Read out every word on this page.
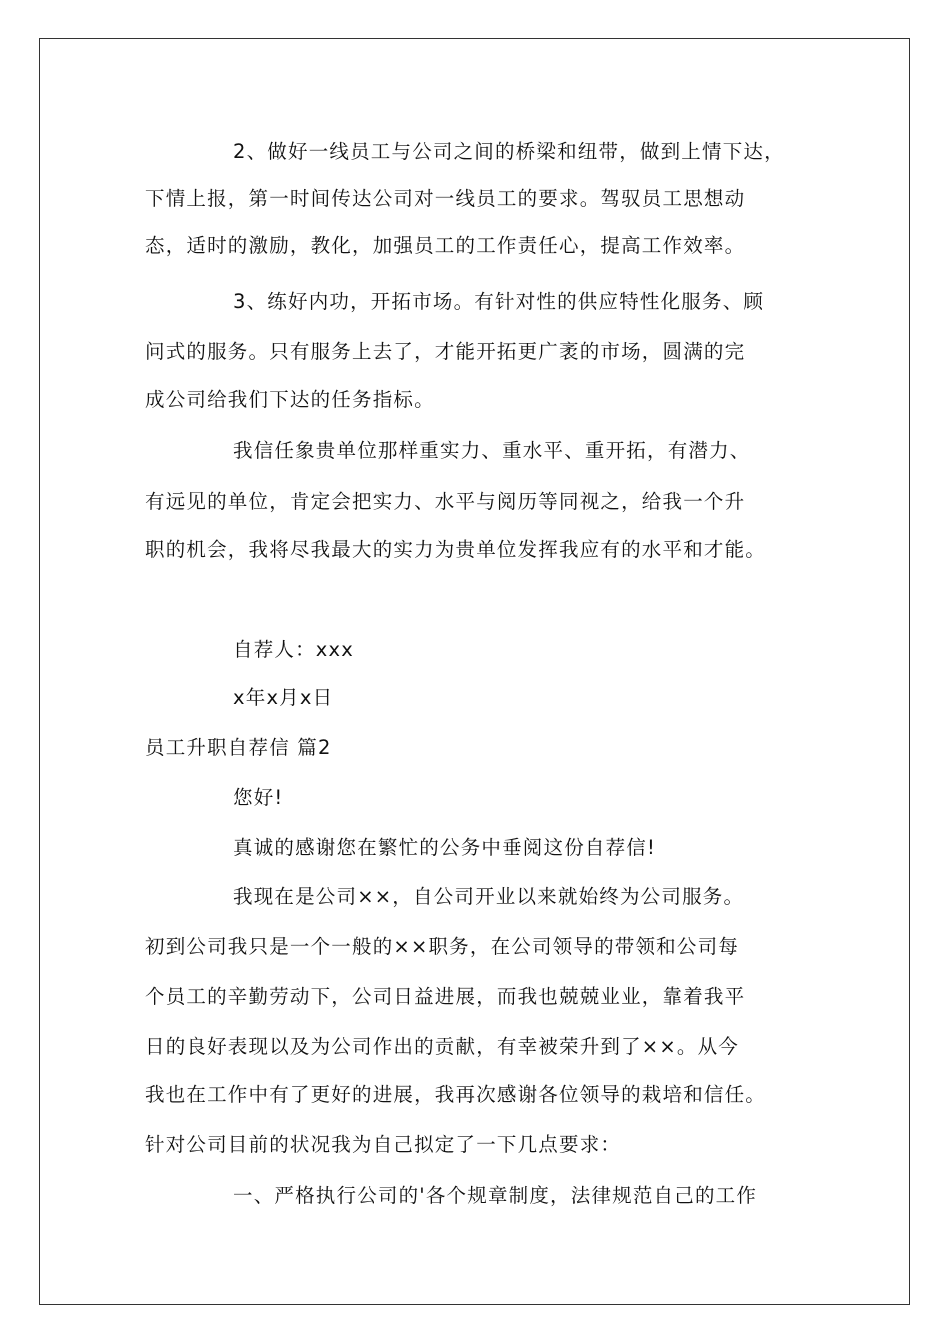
2、做好一线员工与公司之间的桥梁和纽带，做到上情下达，
下情上报，第一时间传达公司对一线员工的要求。驾驭员工思想动
态，适时的激励，教化，加强员工的工作责任心，提高工作效率。
3、练好内功，开拓市场。有针对性的供应特性化服务、顾
问式的服务。只有服务上去了，才能开拓更广袤的市场，圆满的完
成公司给我们下达的任务指标。
我信任象贵单位那样重实力、重水平、重开拓，有潜力、
有远见的单位，肯定会把实力、水平与阅历等同视之，给我一个升
职的机会，我将尽我最大的实力为贵单位发挥我应有的水平和才能。
自荐人：xxx
x年x月x日
员工升职自荐信 篇2
您好!
真诚的感谢您在繁忙的公务中垂阅这份自荐信!
我现在是公司××，自公司开业以来就始终为公司服务。
初到公司我只是一个一般的××职务，在公司领导的带领和公司每
个员工的辛勤劳动下，公司日益进展，而我也兢兢业业，靠着我平
日的良好表现以及为公司作出的贡献，有幸被荣升到了××。从今
我也在工作中有了更好的进展，我再次感谢各位领导的栽培和信任。
针对公司目前的状况我为自己拟定了一下几点要求：
一、严格执行公司的'各个规章制度，法律规范自己的工作
